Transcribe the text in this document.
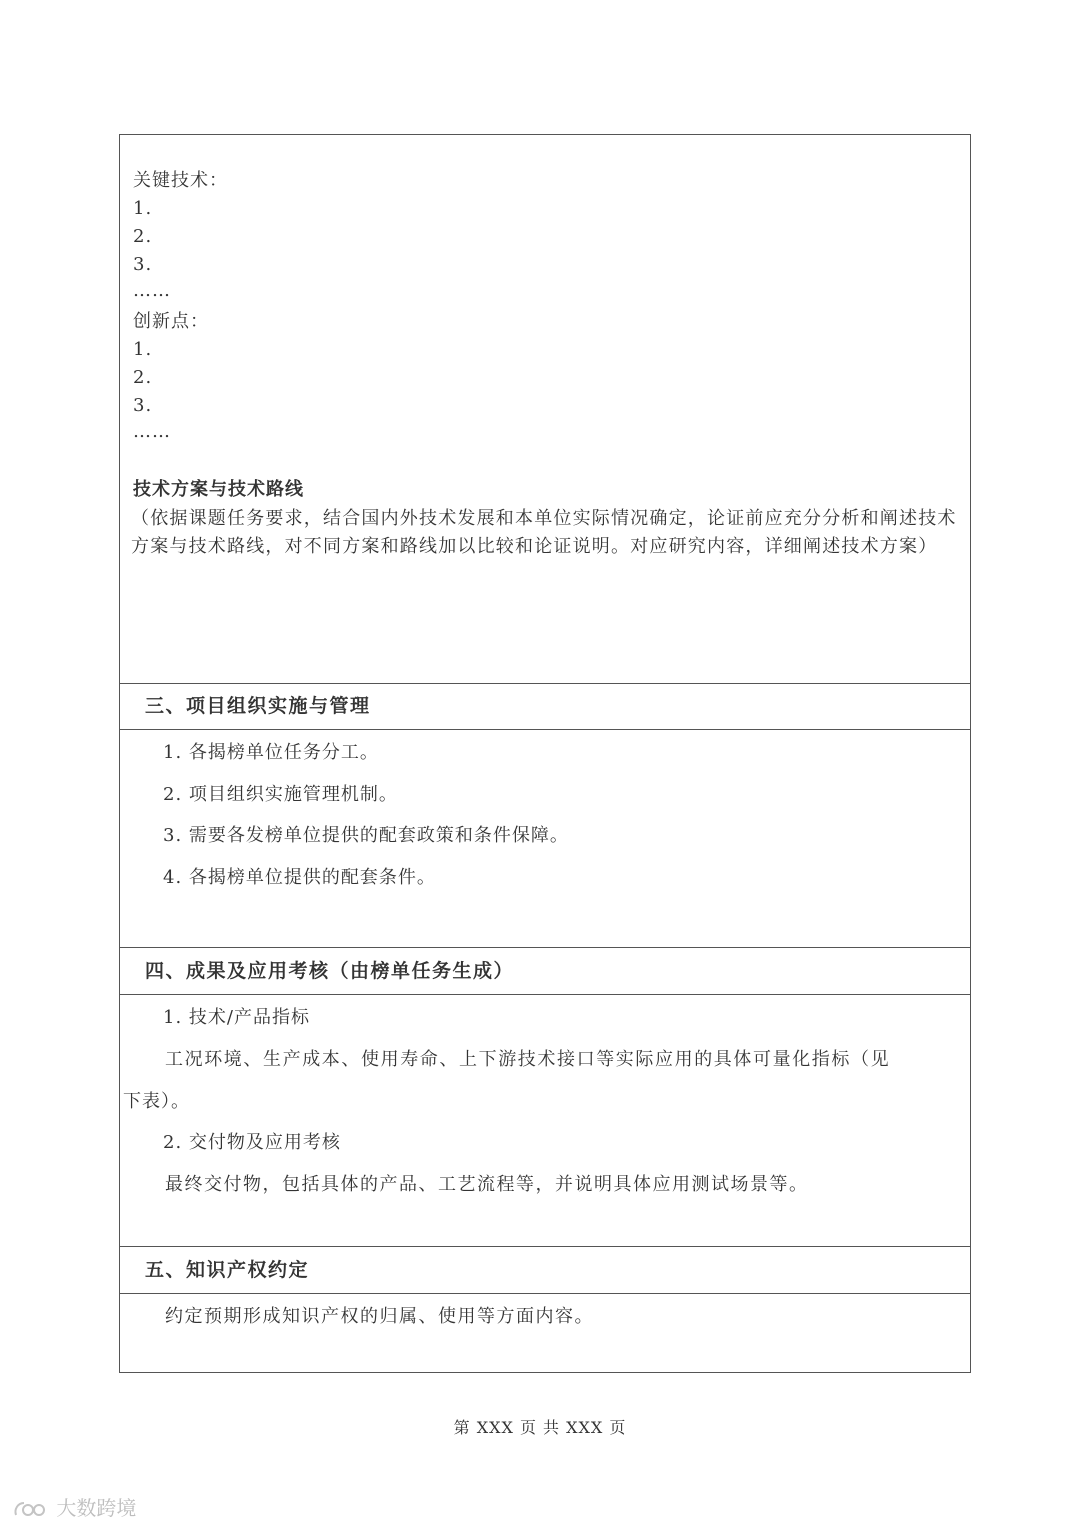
关键技术：
1.
2.
3.
……
创新点：
1.
2.
3.
……
技术方案与技术路线
（依据课题任务要求，结合国内外技术发展和本单位实际情况确定，论证前应充分分析和阐述技术方案与技术路线，对不同方案和路线加以比较和论证说明。对应研究内容，详细阐述技术方案）
三、项目组织实施与管理
1. 各揭榜单位任务分工。
2. 项目组织实施管理机制。
3. 需要各发榜单位提供的配套政策和条件保障。
4. 各揭榜单位提供的配套条件。
四、成果及应用考核（由榜单任务生成）
1. 技术/产品指标
工况环境、生产成本、使用寿命、上下游技术接口等实际应用的具体可量化指标（见
下表）。
2. 交付物及应用考核
最终交付物，包括具体的产品、工艺流程等，并说明具体应用测试场景等。
五、知识产权约定
约定预期形成知识产权的归属、使用等方面内容。
第 XXX 页 共 XXX 页
大数跨境
